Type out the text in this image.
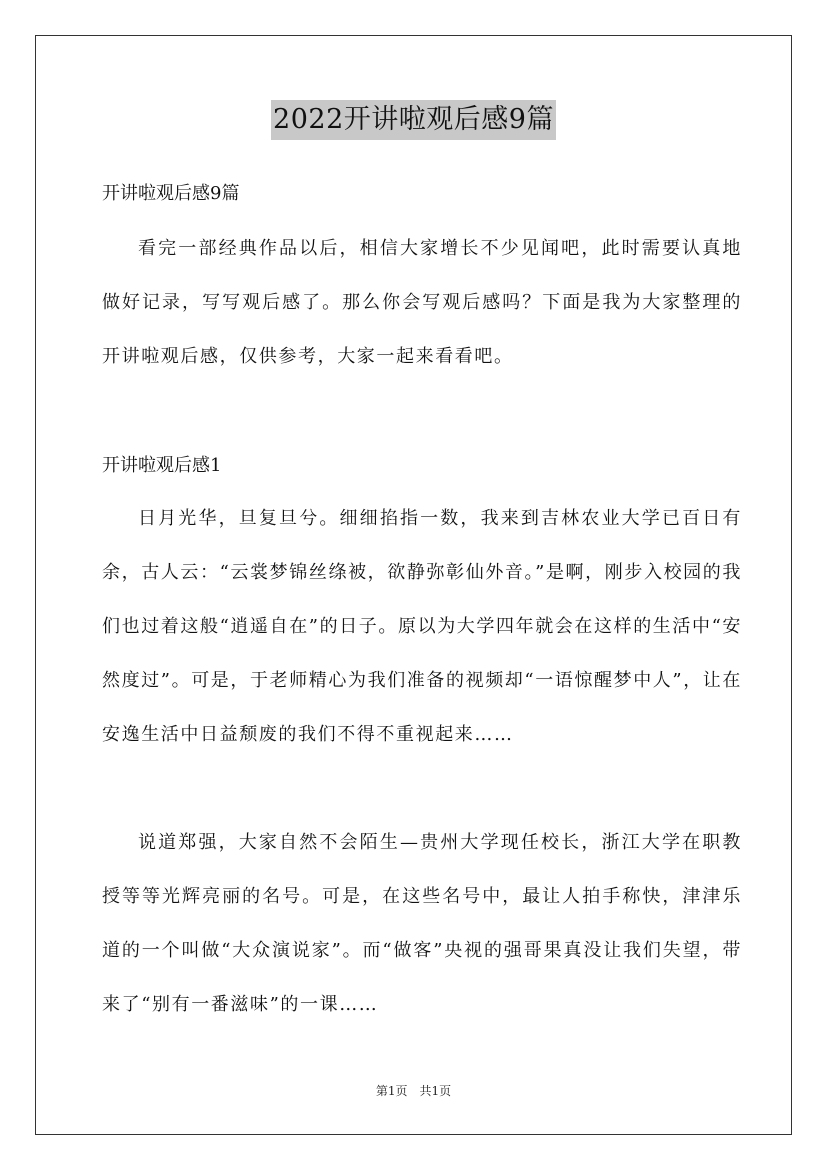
2022开讲啦观后感9篇

开讲啦观后感9篇

看完一部经典作品以后，相信大家增长不少见闻吧，此时需要认真地做好记录，写写观后感了。那么你会写观后感吗？下面是我为大家整理的开讲啦观后感，仅供参考，大家一起来看看吧。

开讲啦观后感1

日月光华，旦复旦兮。细细掐指一数，我来到吉林农业大学已百日有余，古人云：“云裳梦锦丝绦被，欲静弥彰仙外音。”是啊，刚步入校园的我们也过着这般“逍遥自在”的日子。原以为大学四年就会在这样的生活中“安然度过”。可是，于老师精心为我们准备的视频却“一语惊醒梦中人”，让在安逸生活中日益颓废的我们不得不重视起来……

说道郑强，大家自然不会陌生—贵州大学现任校长，浙江大学在职教授等等光辉亮丽的名号。可是，在这些名号中，最让人拍手称快，津津乐道的一个叫做“大众演说家”。而“做客”央视的强哥果真没让我们失望，带来了“别有一番滋味”的一课……

第1页 共1页
